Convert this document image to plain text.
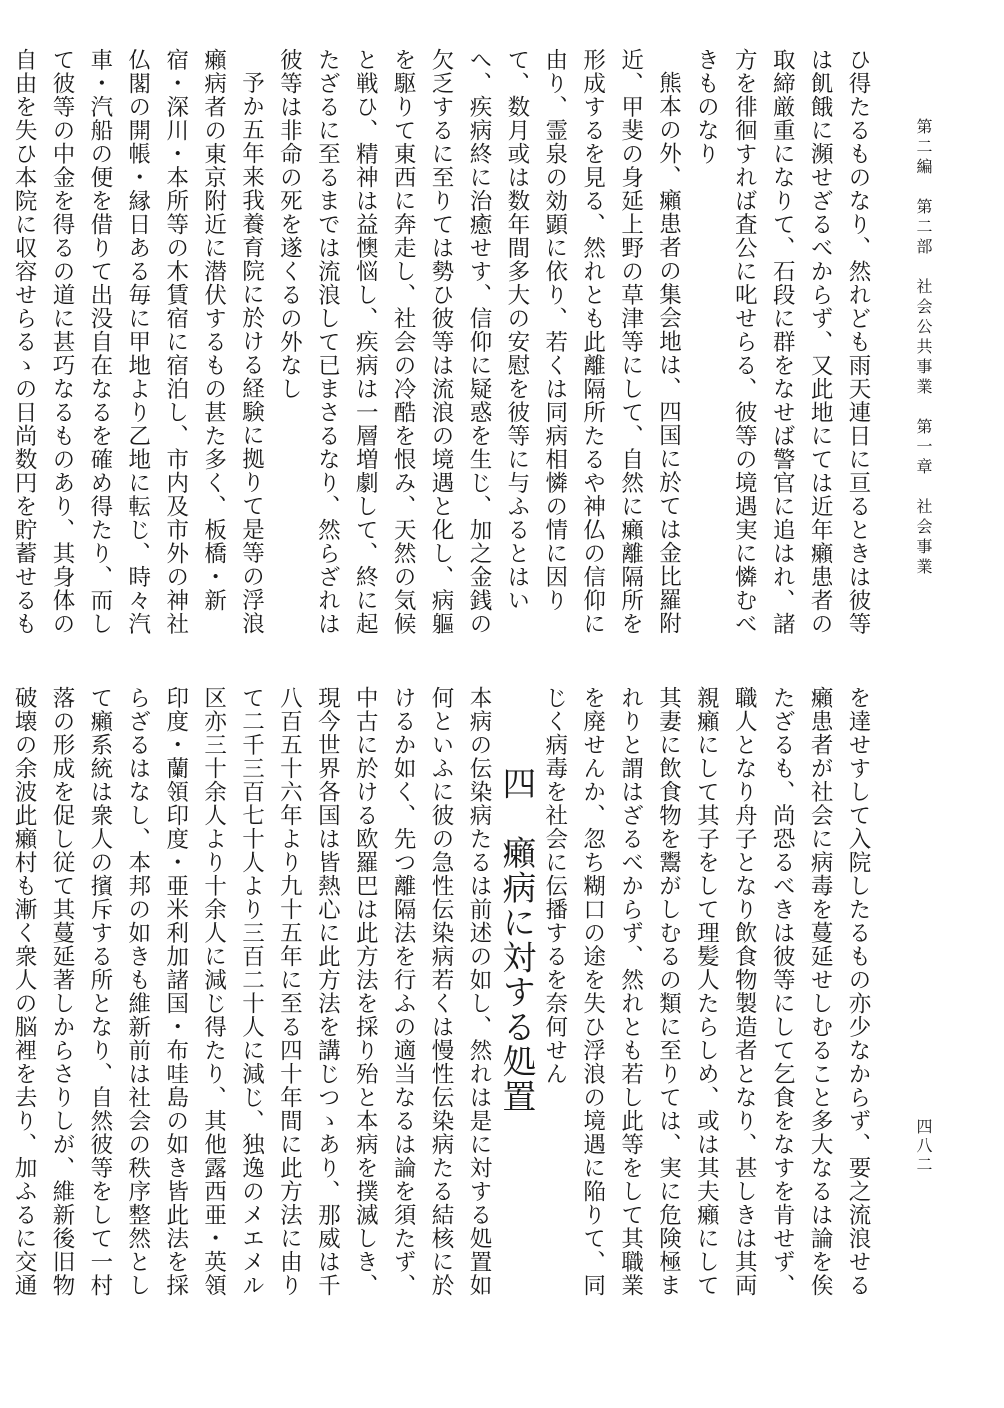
第二編　第二部　社会公共事業　第一章　社会事業
四八二

ひ得たるものなり、然れども雨天連日に亘るときは彼等は飢餓に瀕せざるべからず、又此地にては近年癩患者の取締厳重になりて、石段に群をなせば警官に追はれ、諸方を徘徊すれば査公に叱せらる、彼等の境遇実に憐むべきものなり

熊本の外、癩患者の集会地は、四国に於ては金比羅附近、甲斐の身延上野の草津等にして、自然に癩離隔所を形成するを見る、然れとも此離隔所たるや神仏の信仰に由り、霊泉の効顕に依り、若くは同病相憐の情に因りて、数月或は数年間多大の安慰を彼等に与ふるとはいへ、疾病終に治癒せす、信仰に疑惑を生じ、加之金銭の欠乏するに至りては勢ひ彼等は流浪の境遇と化し、病軀を駆りて東西に奔走し、社会の冷酷を恨み、天然の気候と戦ひ、精神は益懊悩し、疾病は一層増劇して、終に起たざるに至るまでは流浪して已まさるなり、然らざれは彼等は非命の死を遂くるの外なし

予か五年来我養育院に於ける経験に拠りて是等の浮浪癩病者の東京附近に潜伏するもの甚た多く、板橋・新宿・深川・本所等の木賃宿に宿泊し、市内及市外の神社仏閣の開帳・縁日ある毎に甲地より乙地に転じ、時々汽車・汽船の便を借りて出没自在なるを確め得たり、而して彼等の中金を得るの道に甚巧なるものあり、其身体の自由を失ひ本院に収容せらるゝの日尚数円を貯蓄せるも

を達せすして入院したるもの亦少なからず、要之流浪せる癩患者が社会に病毒を蔓延せしむること多大なるは論を俟たざるも、尚恐るべきは彼等にして乞食をなすを肯せず、職人となり舟子となり飲食物製造者となり、甚しきは其両親癩にして其子をして理髪人たらしめ、或は其夫癩にして其妻に飲食物を鬻がしむるの類に至りては、実に危険極まれりと謂はざるべからず、然れとも若し此等をして其職業を廃せんか、忽ち糊口の途を失ひ浮浪の境遇に陥りて、同じく病毒を社会に伝播するを奈何せん

四　癩病に対する処置

本病の伝染病たるは前述の如し、然れは是に対する処置如何といふに彼の急性伝染病若くは慢性伝染病たる結核に於けるか如く、先つ離隔法を行ふの適当なるは論を須たず、中古に於ける欧羅巴は此方法を採り殆と本病を撲滅しき、現今世界各国は皆熱心に此方法を講じつゝあり、那威は千八百五十六年より九十五年に至る四十年間に此方法に由りて二千三百七十人より三百二十人に減じ、独逸のメエメル区亦三十余人より十余人に減じ得たり、其他露西亜・英領印度・蘭領印度・亜米利加諸国・布哇島の如き皆此法を採らざるはなし、本邦の如きも維新前は社会の秩序整然として癩系統は衆人の擯斥する所となり、自然彼等をして一村落の形成を促し従て其蔓延著しからさりしが、維新後旧物破壊の余波此癩村も漸く衆人の脳裡を去り、加ふるに交通
